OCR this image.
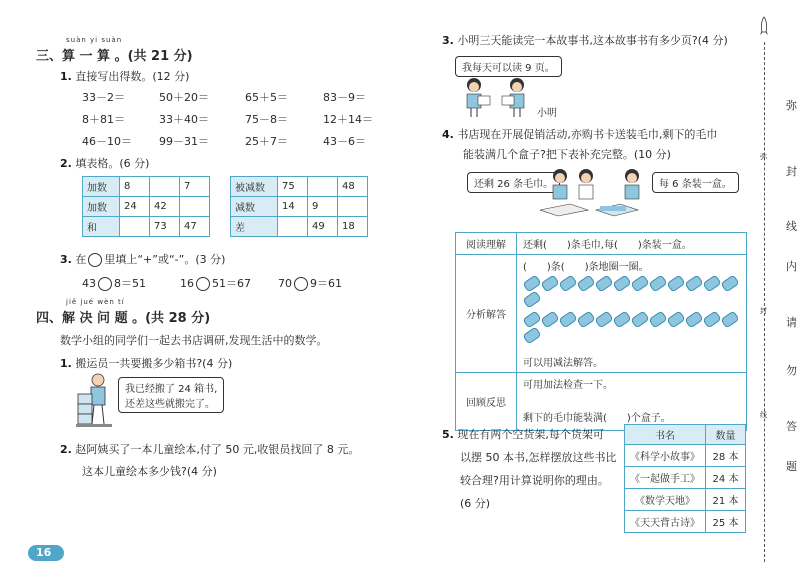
suàn yi suàn
三、算 一 算 。(共 21 分)
1. 直接写出得数。(12 分)
33－2＝	50＋20＝	65＋5＝	83－9＝
8＋81＝	33＋40＝	75－8＝	12＋14＝
46－10＝ 99－31＝	25＋7＝	43－6＝
2. 填表格。(6 分)
加数	8		7
加数	24	42	
和		73	47
被减数	75		48
减数	14	9	
差		49	18
3. 在 里填上“+”或“-”。(3 分)
43 8＝51	16 51＝67 70 9＝61
jiě jué wèn tí
四、解 决 问 题 。(共 28 分)
数学小组的同学们一起去书店调研,发现生活中的数学。
1. 搬运员一共要搬多少箱书?(4 分)
我已经搬了 24 箱书,
还差这些就搬完了。
2. 赵阿姨买了一本儿童绘本,付了 50 元,收银员找回了 8 元。
这本儿童绘本多少钱?(4 分)
16
3. 小明三天能读完一本故事书,这本故事书有多少页?(4 分)
我每天可以读 9 页。
小明
4. 书店现在开展促销活动,亦购书卡送装毛巾,剩下的毛巾
能装满几个盒子?把下表补充完整。(10 分)
还剩 26 条毛巾。	每 6 条装一盒。
阅读理解	还剩(　　)条毛巾,每(　　)条装一盒。
分析解答	(　　)条(　　)条地圈一圈。
可以用减法解答。

回顾反思	可用加法检查一下。
剩下的毛巾能装满(　　)个盒子。
5. 现在有两个空货架,每个货架可
以摆 50 本书,怎样摆放这些书比
较合理?用计算说明你的理由。
(6 分)
书名	数量
《科学小故事》	28 本
《一起做手工》	24 本
《数学天地》	21 本
《天天背古诗》	25 本
弥
封
线
弥
封
线
内
请
勿
答
题
